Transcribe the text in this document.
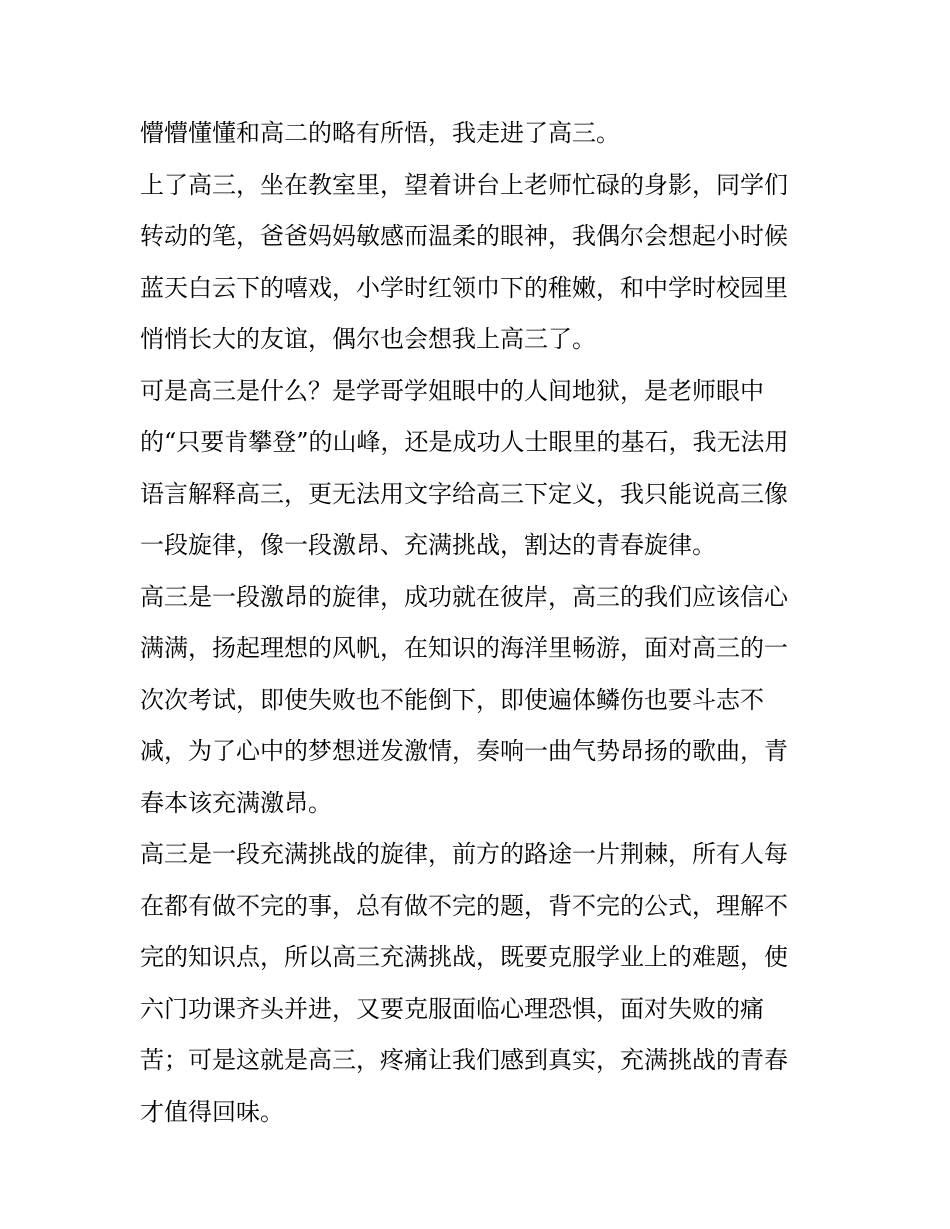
懵懵懂懂和高二的略有所悟，我走进了高三。
上了高三，坐在教室里，望着讲台上老师忙碌的身影，同学们
转动的笔，爸爸妈妈敏感而温柔的眼神，我偶尔会想起小时候
蓝天白云下的嘻戏，小学时红领巾下的稚嫩，和中学时校园里
悄悄长大的友谊，偶尔也会想我上高三了。
可是高三是什么？是学哥学姐眼中的人间地狱，是老师眼中
的“只要肯攀登”的山峰，还是成功人士眼里的基石，我无法用
语言解释高三，更无法用文字给高三下定义，我只能说高三像
一段旋律，像一段激昂、充满挑战，割达的青春旋律。
高三是一段激昂的旋律，成功就在彼岸，高三的我们应该信心
满满，扬起理想的风帆，在知识的海洋里畅游，面对高三的一
次次考试，即使失败也不能倒下，即使遍体鳞伤也要斗志不
减，为了心中的梦想迸发激情，奏响一曲气势昂扬的歌曲，青
春本该充满激昂。
高三是一段充满挑战的旋律，前方的路途一片荆棘，所有人每
在都有做不完的事，总有做不完的题，背不完的公式，理解不
完的知识点，所以高三充满挑战，既要克服学业上的难题，使
六门功课齐头并进，又要克服面临心理恐惧，面对失败的痛
苦；可是这就是高三，疼痛让我们感到真实，充满挑战的青春
才值得回味。
